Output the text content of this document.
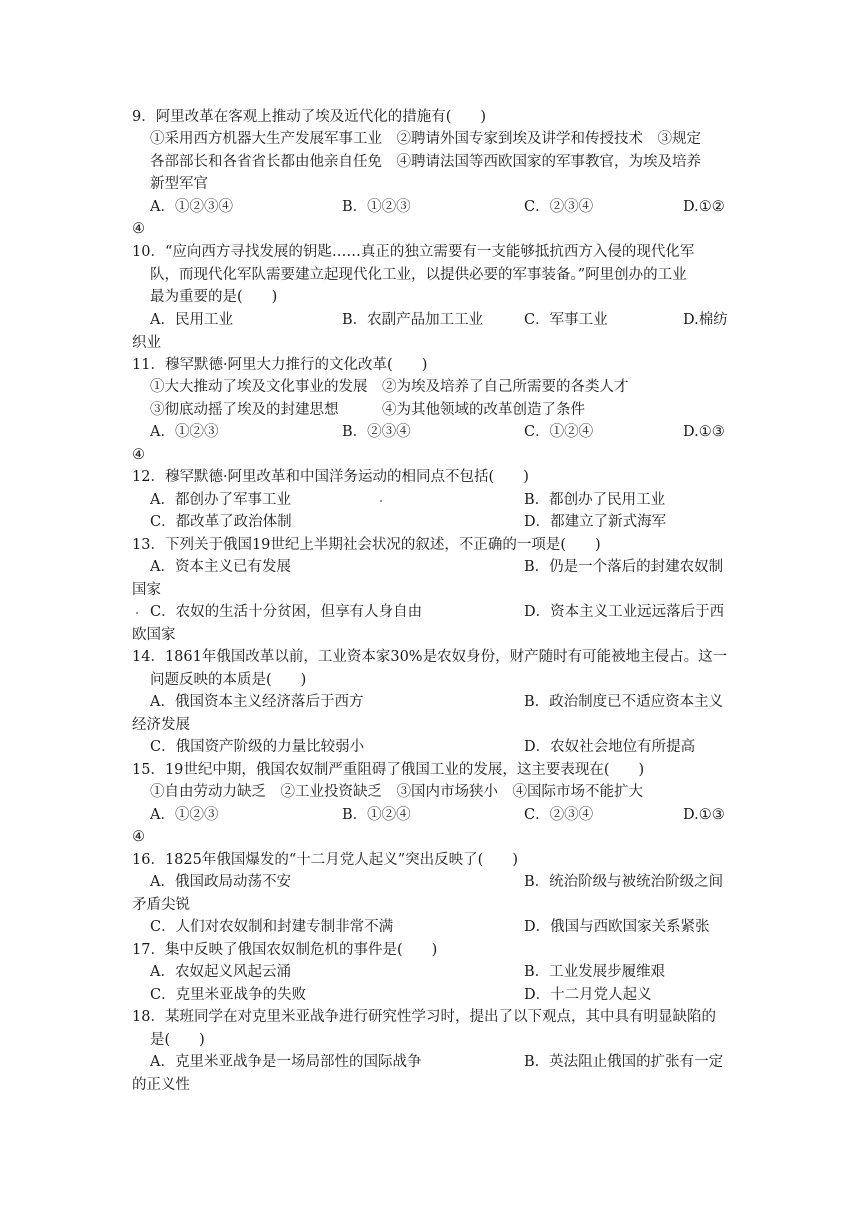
9．阿里改革在客观上推动了埃及近代化的措施有(　　)
①采用西方机器大生产发展军事工业　②聘请外国专家到埃及讲学和传授技术　③规定
各部部长和各省省长都由他亲自任免　④聘请法国等西欧国家的军事教官，为埃及培养
新型军官
A．①②③④	B．①②③	C．②③④	D.①②
④
10．“应向西方寻找发展的钥匙……真正的独立需要有一支能够抵抗西方入侵的现代化军
队，而现代化军队需要建立起现代化工业，以提供必要的军事装备。”阿里创办的工业
最为重要的是(　　)
A．民用工业	B．农副产品加工工业	C．军事工业	D.棉纺
织业
11．穆罕默德·阿里大力推行的文化改革(　　)
①大大推动了埃及文化事业的发展　②为埃及培养了自己所需要的各类人才
③彻底动摇了埃及的封建思想　　　④为其他领域的改革创造了条件
A．①②③	B．②③④	C．①②④	D.①③
④
12．穆罕默德·阿里改革和中国洋务运动的相同点不包括(　　)
A．都创办了军事工业	B．都创办了民用工业
C．都改革了政治体制	D．都建立了新式海军
13．下列关于俄国19世纪上半期社会状况的叙述，不正确的一项是(　　)
A．资本主义已有发展	B．仍是一个落后的封建农奴制
国家
C．农奴的生活十分贫困，但享有人身自由	D．资本主义工业远远落后于西
欧国家
14．1861年俄国改革以前，工业资本家30%是农奴身份，财产随时有可能被地主侵占。这一
问题反映的本质是(　　)
A．俄国资本主义经济落后于西方	B．政治制度已不适应资本主义
经济发展
C．俄国资产阶级的力量比较弱小	D．农奴社会地位有所提高
15．19世纪中期，俄国农奴制严重阻碍了俄国工业的发展，这主要表现在(　　)
①自由劳动力缺乏　②工业投资缺乏　③国内市场狭小　④国际市场不能扩大
A．①②③	B．①②④	C．②③④	D.①③
④
16．1825年俄国爆发的“十二月党人起义”突出反映了(　　)
A．俄国政局动荡不安	B．统治阶级与被统治阶级之间
矛盾尖锐
C．人们对农奴制和封建专制非常不满	D．俄国与西欧国家关系紧张
17．集中反映了俄国农奴制危机的事件是(　　)
A．农奴起义风起云涌	B．工业发展步履维艰
C．克里米亚战争的失败	D．十二月党人起义
18．某班同学在对克里米亚战争进行研究性学习时，提出了以下观点，其中具有明显缺陷的
是(　　)
A．克里米亚战争是一场局部性的国际战争	B．英法阻止俄国的扩张有一定
的正义性
